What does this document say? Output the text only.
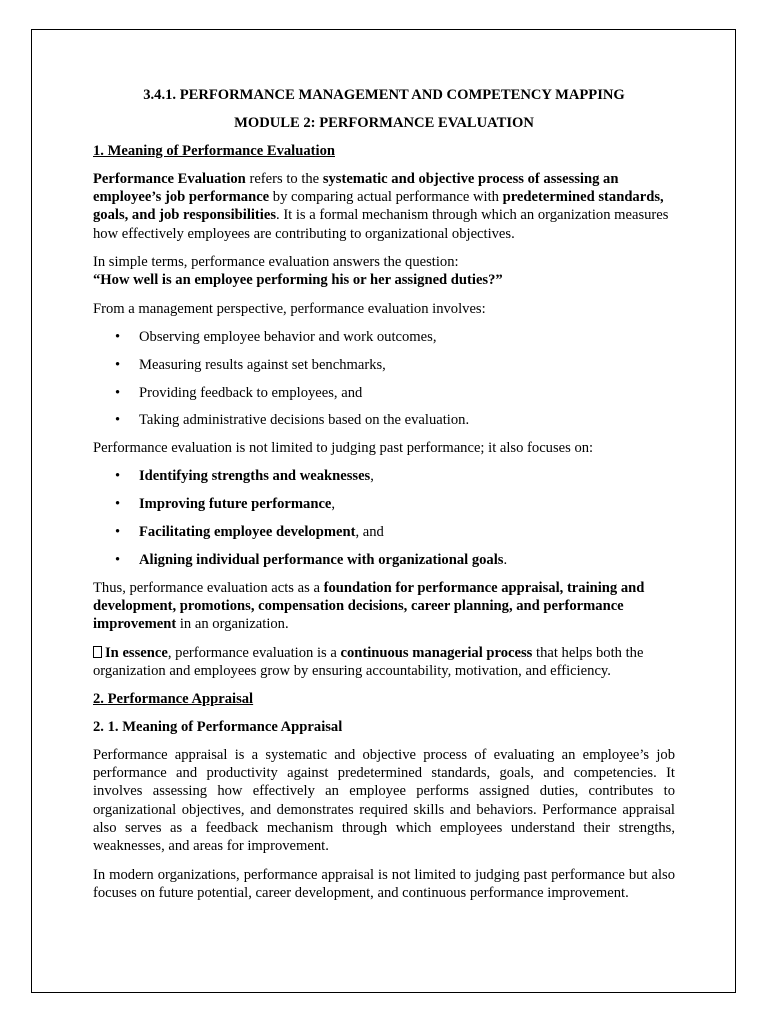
3.4.1. PERFORMANCE MANAGEMENT AND COMPETENCY MAPPING
MODULE 2: PERFORMANCE EVALUATION
1. Meaning of Performance Evaluation

Performance Evaluation refers to the systematic and objective process of assessing an employee’s job performance by comparing actual performance with predetermined standards, goals, and job responsibilities. It is a formal mechanism through which an organization measures how effectively employees are contributing to organizational objectives.

In simple terms, performance evaluation answers the question:
“How well is an employee performing his or her assigned duties?”

From a management perspective, performance evaluation involves:

• Observing employee behavior and work outcomes,
• Measuring results against set benchmarks,
• Providing feedback to employees, and
• Taking administrative decisions based on the evaluation.

Performance evaluation is not limited to judging past performance; it also focuses on:

• Identifying strengths and weaknesses,
• Improving future performance,
• Facilitating employee development, and
• Aligning individual performance with organizational goals.

Thus, performance evaluation acts as a foundation for performance appraisal, training and development, promotions, compensation decisions, career planning, and performance improvement in an organization.

In essence, performance evaluation is a continuous managerial process that helps both the organization and employees grow by ensuring accountability, motivation, and efficiency.

2. Performance Appraisal
2. 1. Meaning of Performance Appraisal

Performance appraisal is a systematic and objective process of evaluating an employee’s job performance and productivity against predetermined standards, goals, and competencies. It involves assessing how effectively an employee performs assigned duties, contributes to organizational objectives, and demonstrates required skills and behaviors. Performance appraisal also serves as a feedback mechanism through which employees understand their strengths, weaknesses, and areas for improvement.

In modern organizations, performance appraisal is not limited to judging past performance but also focuses on future potential, career development, and continuous performance improvement.
